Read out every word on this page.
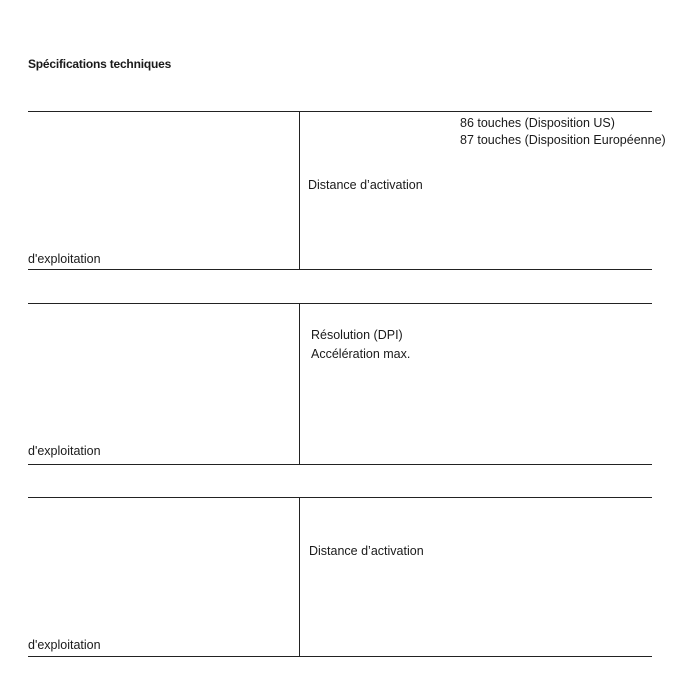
Spécifications techniques
86 touches (Disposition US)
87 touches (Disposition Européenne)
Distance d’activation
d'exploitation
Résolution (DPI)
Accélération max.
d'exploitation
Distance d’activation
d'exploitation
